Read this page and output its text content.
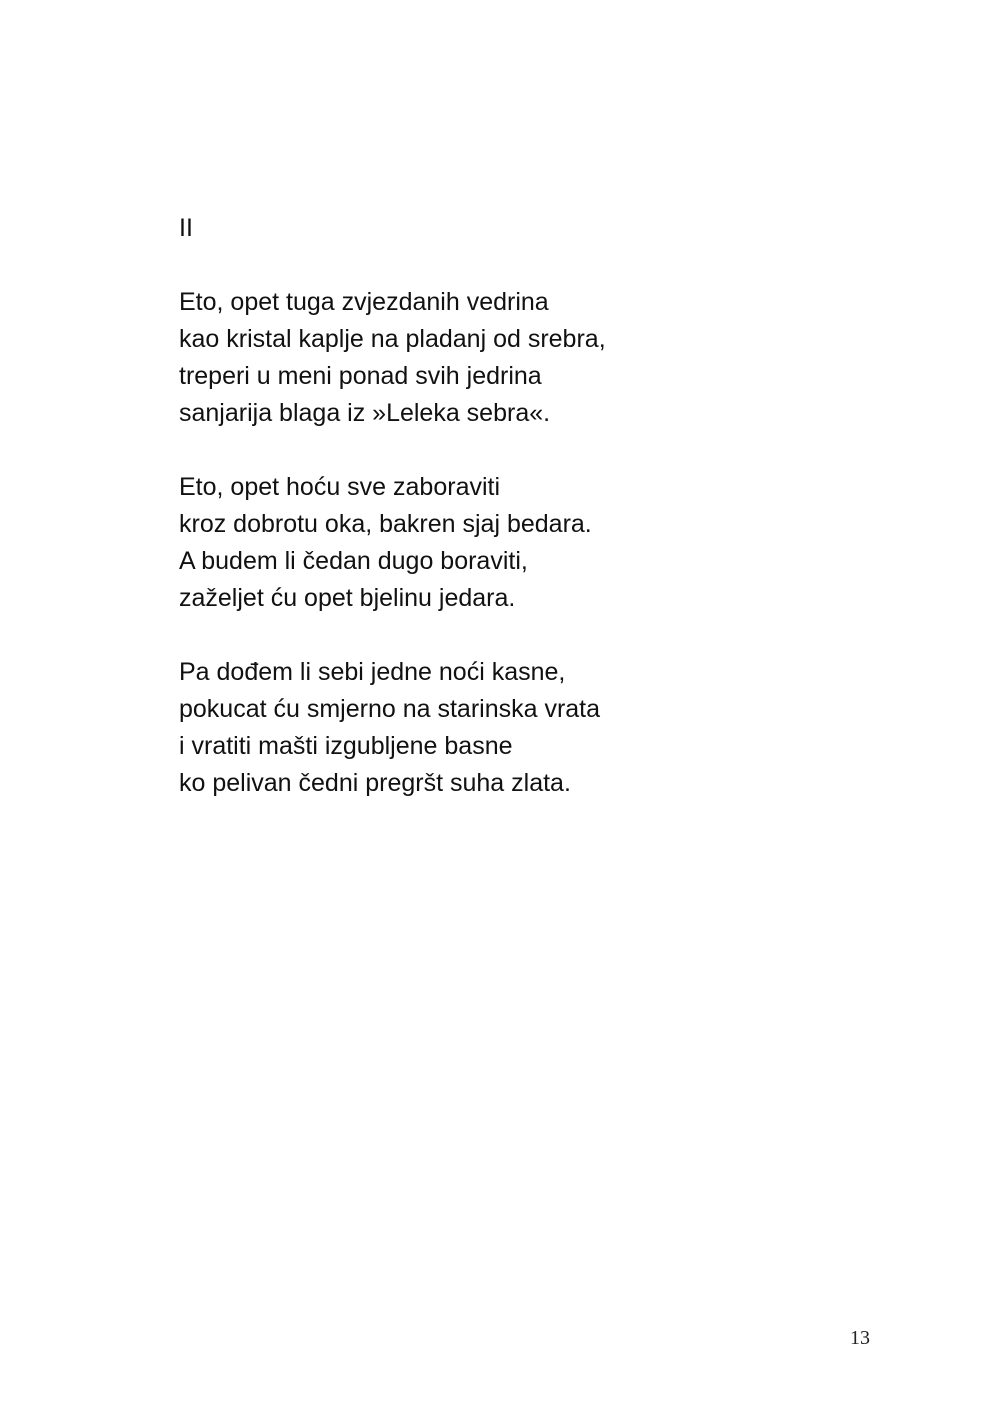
II
Eto, opet tuga zvjezdanih vedrina
kao kristal kaplje na pladanj od srebra,
treperi u meni ponad svih jedrina
sanjarija blaga iz »Leleka sebra«.
Eto, opet hoću sve zaboraviti
kroz dobrotu oka, bakren sjaj bedara.
A budem li čedan dugo boraviti,
zaželjet ću opet bjelinu jedara.
Pa dođem li sebi jedne noći kasne,
pokucat ću smjerno na starinska vrata
i vratiti mašti izgubljene basne
ko pelivan čedni pregršt suha zlata.
13
